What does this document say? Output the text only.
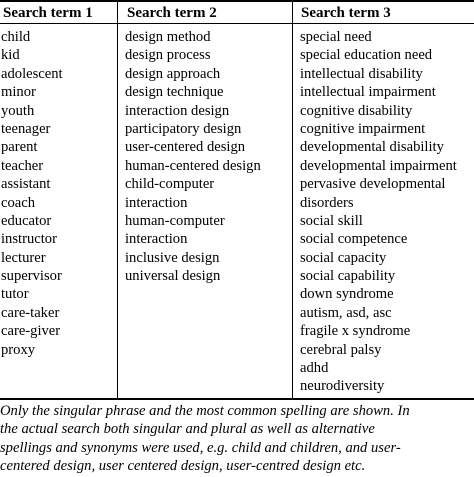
Search term 1 Search term 2	Search term 3
child
kid
adolescent
minor
youth
teenager
parent
teacher
assistant
coach
educator
instructor
lecturer
supervisor
tutor
care-taker
care-giver
proxy
design method
design process
design approach
design technique
interaction design
participatory design
user-centered design
human-centered design
child-computer
interaction
human-computer
interaction
inclusive design
universal design
special need
special education need
intellectual disability
intellectual impairment
cognitive disability
cognitive impairment
developmental disability
developmental impairment
pervasive developmental
disorders
social skill
social competence
social capacity
social capability
down syndrome
autism, asd, asc
fragile x syndrome
cerebral palsy
adhd
neurodiversity
Only the singular phrase and the most common spelling are shown. In
the actual search both singular and plural as well as alternative
spellings and synonyms were used, e.g. child and children, and user-
centered design, user centered design, user-centred design etc.
